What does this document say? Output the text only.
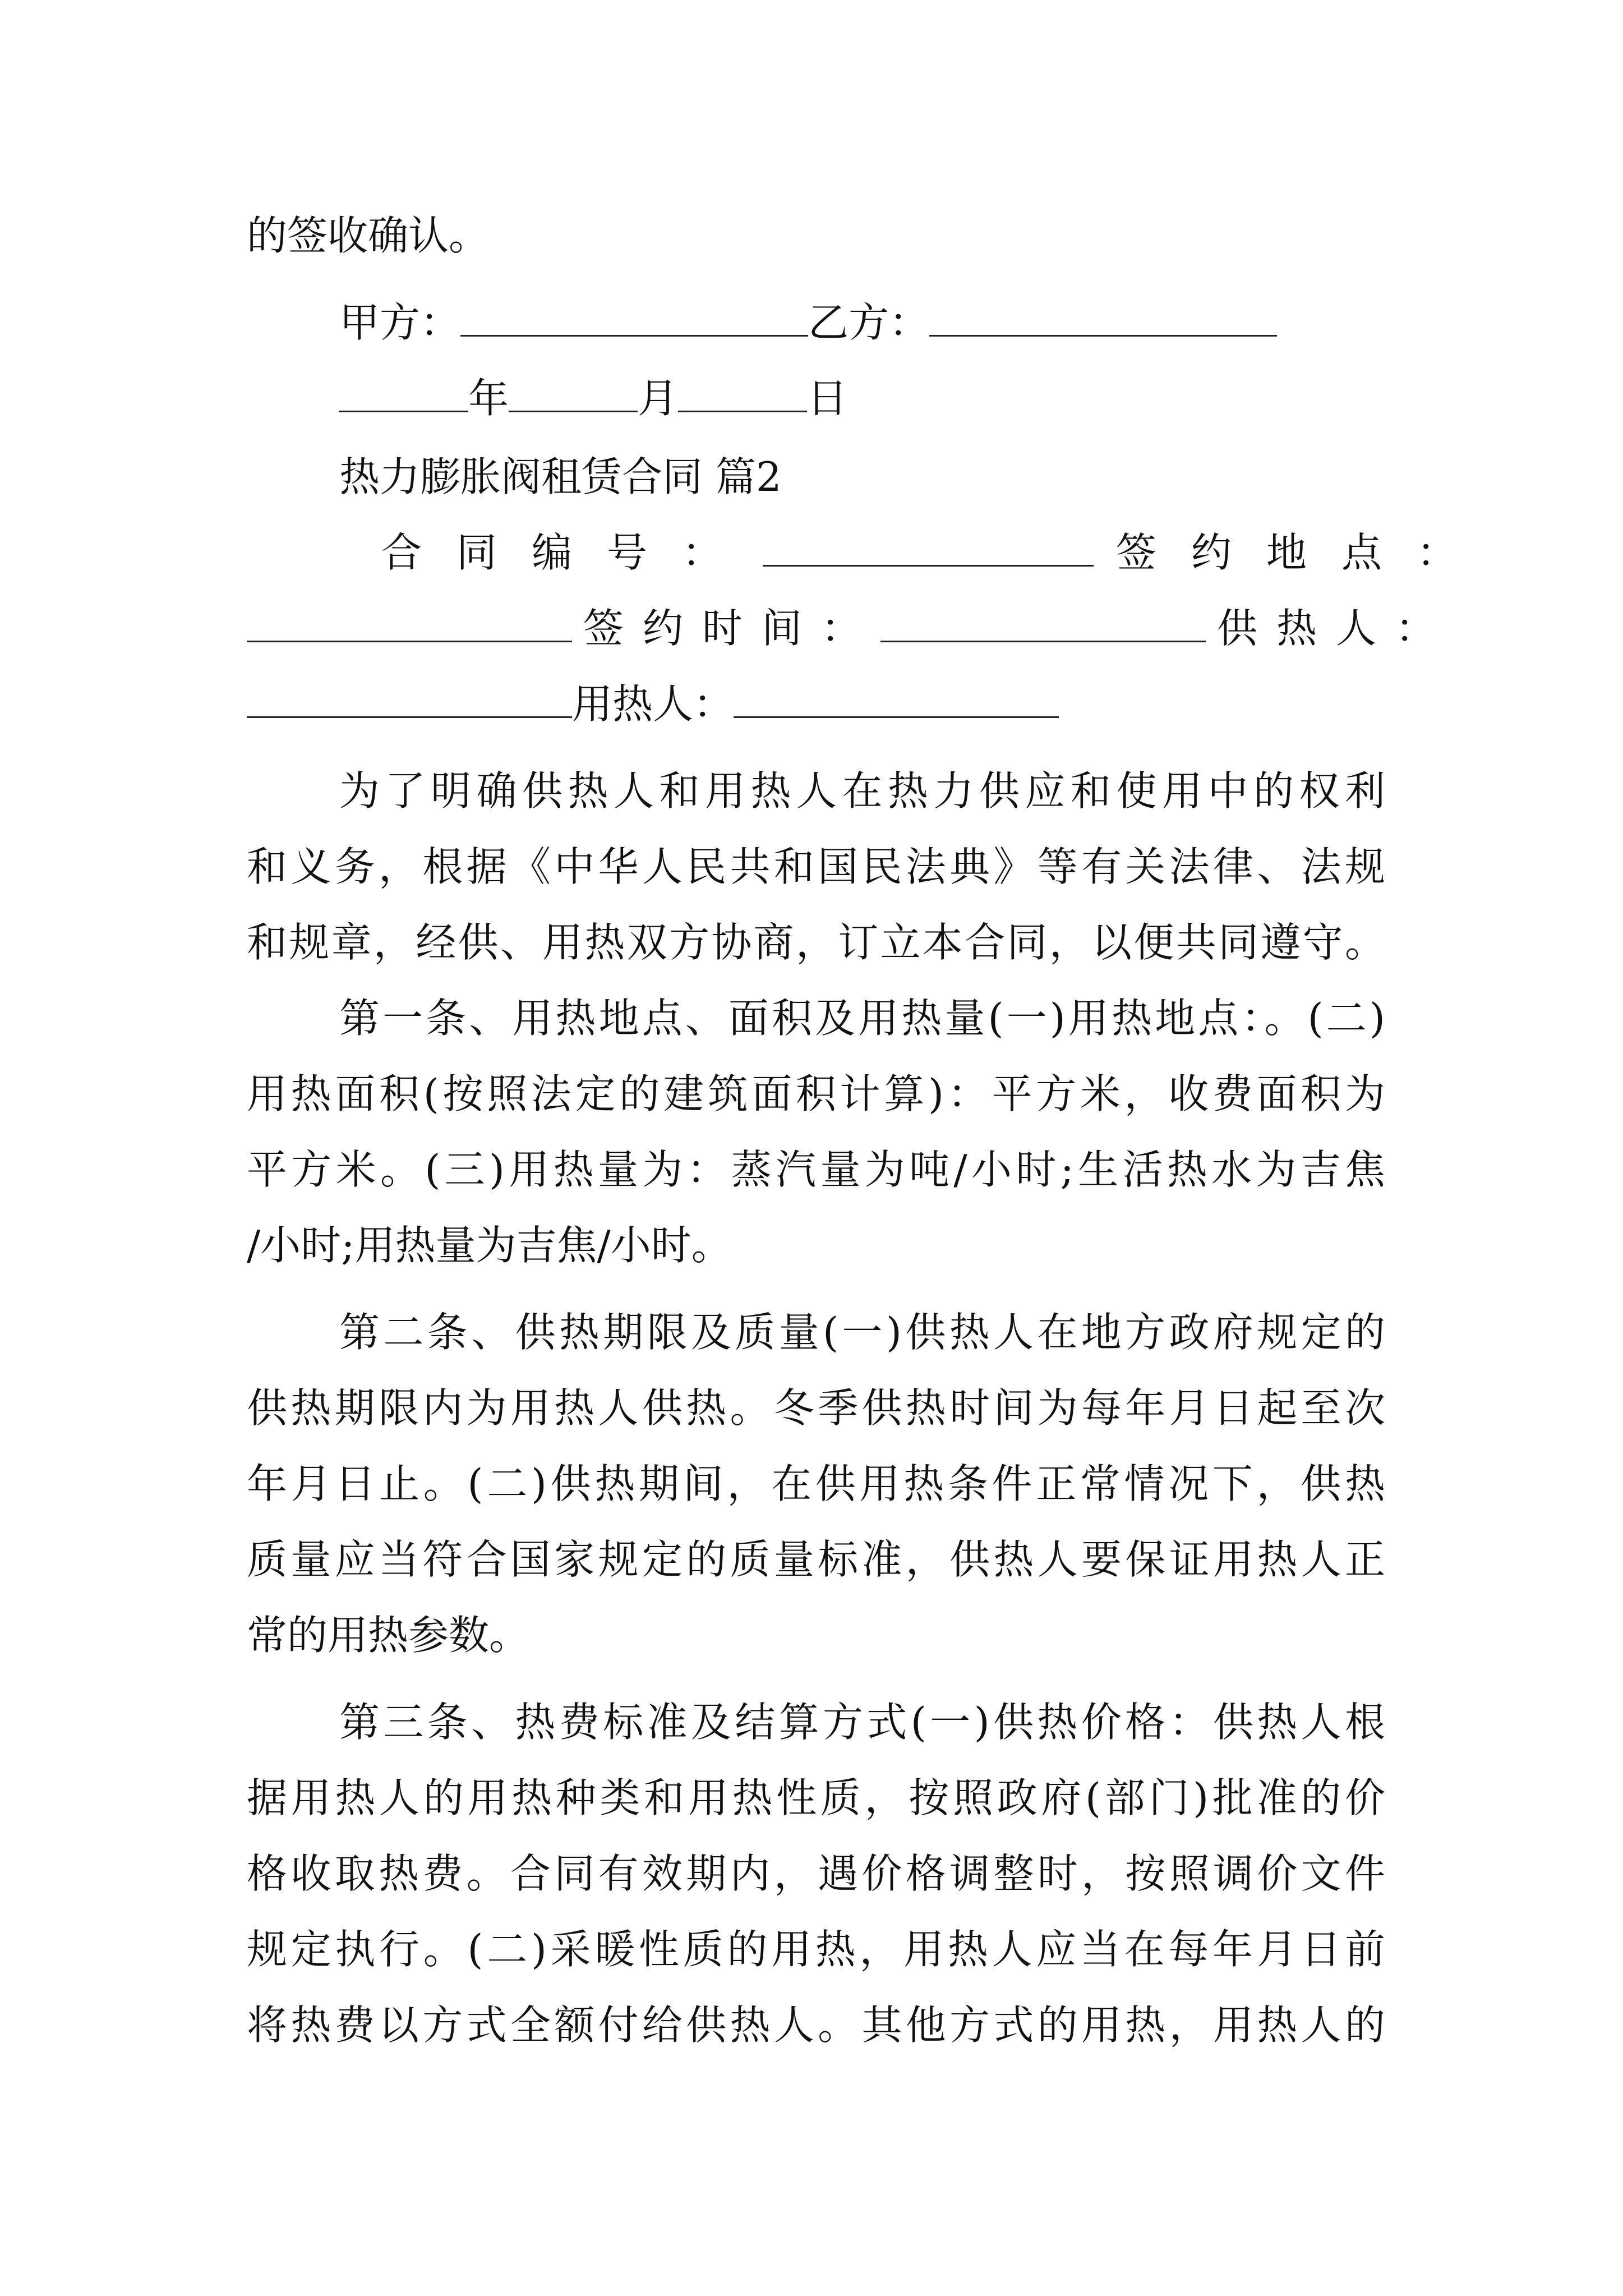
的签收确认。
甲方：	乙方：
年	月	日
热力膨胀阀租赁合同 篇2
合同编号：	签约地点：
签约时间：	供热人：
用热人：
为了明确供热人和用热人在热力供应和使用中的权利
和义务，根据《中华人民共和国民法典》等有关法律、法规
和规章，经供、用热双方协商，订立本合同，以便共同遵守。
第一条、用热地点、面积及用热量(一)用热地点：。(二)
用热面积(按照法定的建筑面积计算)：平方米，收费面积为
平方米。(三)用热量为：蒸汽量为吨/小时;生活热水为吉焦
/小时;用热量为吉焦/小时。
第二条、供热期限及质量(一)供热人在地方政府规定的
供热期限内为用热人供热。冬季供热时间为每年月日起至次
年月日止。(二)供热期间，在供用热条件正常情况下，供热
质量应当符合国家规定的质量标准，供热人要保证用热人正
常的用热参数。
第三条、热费标准及结算方式(一)供热价格：供热人根
据用热人的用热种类和用热性质，按照政府(部门)批准的价
格收取热费。合同有效期内，遇价格调整时，按照调价文件
规定执行。(二)采暖性质的用热，用热人应当在每年月日前
将热费以方式全额付给供热人。其他方式的用热，用热人的
